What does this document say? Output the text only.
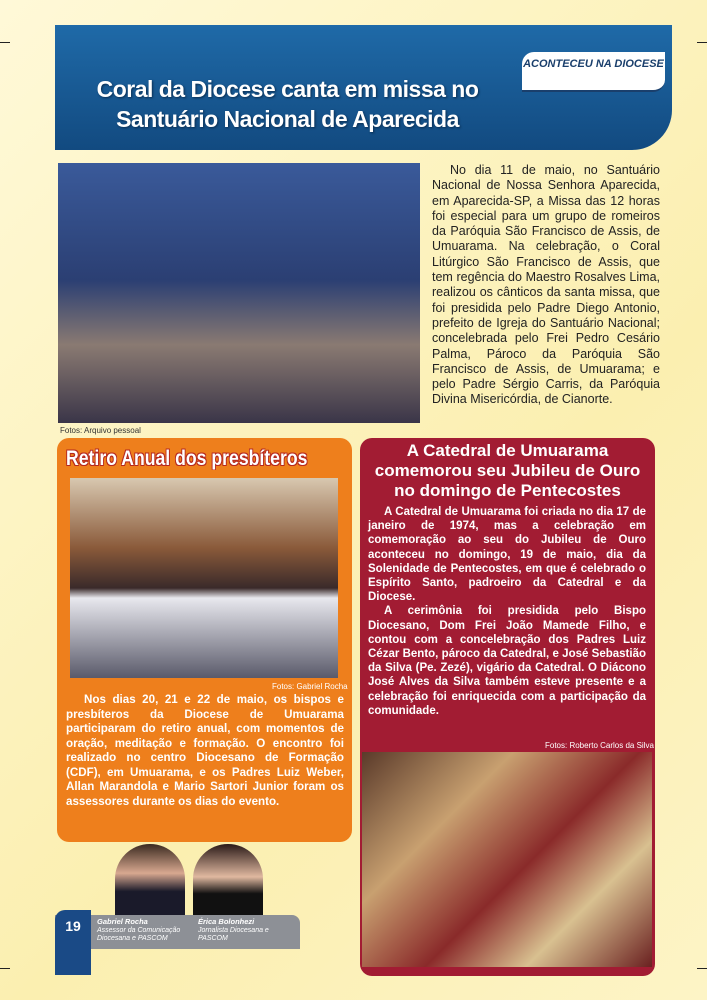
ACONTECEU NA DIOCESE
Coral da Diocese canta em missa no Santuário Nacional de Aparecida
Fotos: Arquivo pessoal

No dia 11 de maio, no Santuário Nacional de Nossa Senhora Aparecida, em Aparecida-SP, a Missa das 12 horas foi especial para um grupo de romeiros da Paróquia São Francisco de Assis, de Umuarama. Na celebração, o Coral Litúrgico São Francisco de Assis, que tem regência do Maestro Rosalves Lima, realizou os cânticos da santa missa, que foi presidida pelo Padre Diego Antonio, prefeito de Igreja do Santuário Nacional; concelebrada pelo Frei Pedro Cesário Palma, Pároco da Paróquia São Francisco de Assis, de Umuarama; e pelo Padre Sérgio Carris, da Paróquia Divina Misericórdia, de Cianorte.

Retiro Anual dos presbíteros
Fotos: Gabriel Rocha

Nos dias 20, 21 e 22 de maio, os bispos e presbíteros da Diocese de Umuarama participaram do retiro anual, com momentos de oração, meditação e formação. O encontro foi realizado no centro Diocesano de Formação (CDF), em Umuarama, e os Padres Luiz Weber, Allan Marandola e Mario Sartori Junior foram os assessores durante os dias do evento.

A Catedral de Umuarama comemorou seu Jubileu de Ouro no domingo de Pentecostes

A Catedral de Umuarama foi criada no dia 17 de janeiro de 1974, mas a celebração em comemoração ao seu do Jubileu de Ouro aconteceu no domingo, 19 de maio, dia da Solenidade de Pentecostes, em que é celebrado o Espírito Santo, padroeiro da Catedral e da Diocese.

A cerimônia foi presidida pelo Bispo Diocesano, Dom Frei João Mamede Filho, e contou com a concelebração dos Padres Luiz Cézar Bento, pároco da Catedral, e José Sebastião da Silva (Pe. Zezé), vigário da Catedral. O Diácono José Alves da Silva também esteve presente e a celebração foi enriquecida com a participação da comunidade.

Fotos: Roberto Carlos da Silva
19	Gabriel Rocha
Assessor da Comunicação Diocesana e PASCOM
Érica Bolonhezi
Jornalista Diocesana e PASCOM
